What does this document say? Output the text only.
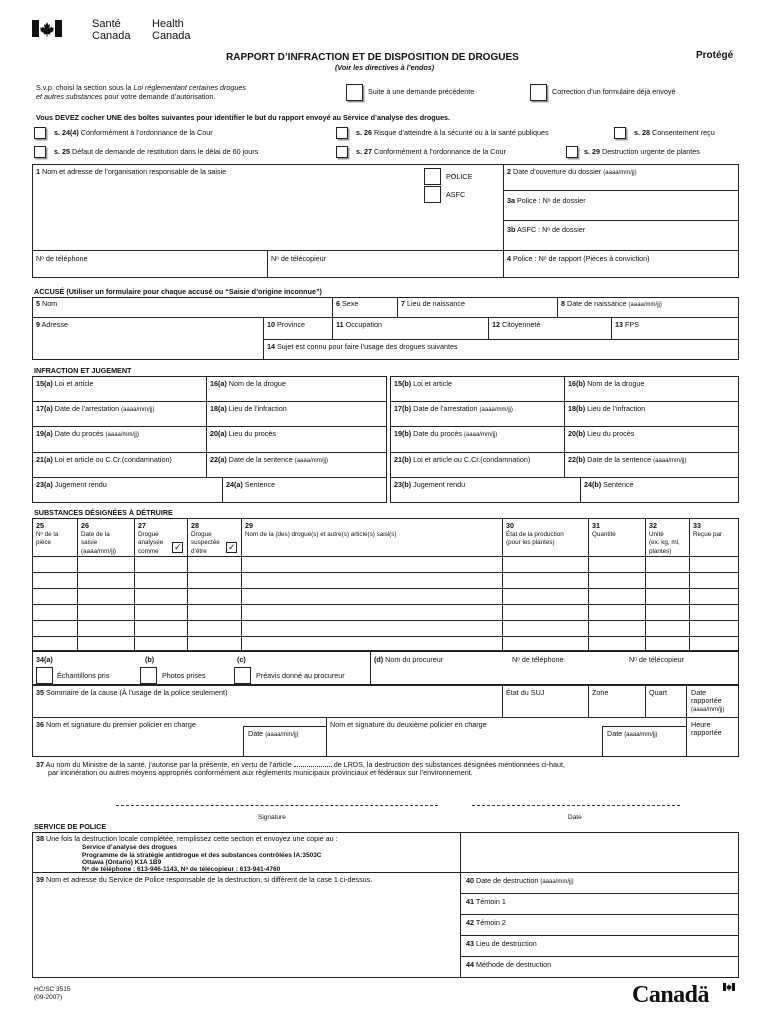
Santé
Canada
Health
Canada
RAPPORT D’INFRACTION ET DE DISPOSITION DE DROGUES
(Voir les directives à l’endos)
Protégé
S.v.p. choisi la section sous la Loi réglementant certaines drogues
et autres substances pour votre demande d’autorisation.
Suite à une demande précédente	Correction d’un formulaire déjà envoyé
Vous DEVEZ cocher UNE des boîtes suivantes pour identifier le but du rapport envoyé au Service d’analyse des drogues.
s. 24(4) Conformément à l’ordonnance de la Cour	s. 26 Risque d’atteindre à la sécurité ou à la santé publiques	s. 28 Consentement reçu
s. 25 Défaut de demande de restitution dans le délai de 60 jours	s. 27 Conformément à l’ordonnance de la Cour	s. 29 Destruction urgente de plantes
1 Nom et adresse de l’organisation responsable de la saisie
POLICE
ASFC
2 Date d’ouverture du dossier (aaaa/mm/jj)
3a Police : Nᵒ de dossier
3b ASFC : Nᵒ de dossier
Nᵒ de téléphone	Nᵒ de télécopieur	4 Police : Nᵒ de rapport (Pièces à conviction)
ACCUSÉ (Utiliser un formulaire pour chaque accusé ou “Saisie d’origine inconnue”)
5 Nom	6 Sexe	7 Lieu de naissance	8 Date de naissance (aaaa/mm/jj)
9 Adresse	10 Province	11 Occupation	12 Citoyenneté	13 FPS
14 Sujet est connu pour faire l’usage des drogues suivantes
INFRACTION ET JUGEMENT
15(a) Loi et article	16(a) Nom de la drogue
17(a) Date de l’arrestation (aaaa/mm/jj)	18(a) Lieu de l’infraction
19(a) Date du procès (aaaa/mm/jj)	20(a) Lieu du procès
21(a) Loi et article ou C.Cr.(condamnation)	22(a) Date de la sentence (aaaa/mm/jj)
23(a) Jugement rendu	24(a) Sentence
15(b) Loi et article	16(b) Nom de la drogue
17(b) Date de l’arrestation (aaaa/mm/jj)	18(b) Lieu de l’infraction
19(b) Date du procès (aaaa/mm/jj)	20(b) Lieu du procès
21(b) Loi et article ou C.Cr.(condamnation)	22(b) Date de la sentence (aaaa/mm/jj)
23(b) Jugement rendu	24(b) Sentence
SUBSTANCES DÉSIGNÉES À DÉTRUIRE
25
Nᵒ de la
pièce
26
Date de la
saisie
(aaaa/mm/jj)
27
Drogue
analysée
comme	✓
28
Drogue
suspectée
d’être	✓
29
Nom de la (des) drogue(s) et autre(s) article(s) saisi(s)
30
État de la production
(pour les plantes)
31
Quantité
32
Unité
(ex. kg, ml,
plantes)
33
Reçue par
34(a)	(b)	(c)
Échantillons pris	Photos prises	Préavis donné au procureur
(d) Nom du procureur	Nᵒ de téléphone	Nᵒ de télécopieur
35 Sommaire de la cause (À l’usage de la police seulement)	État du SUJ	Zone	Quart	Date
rapportée
(aaaa/mm/jj)
36 Nom et signature du premier policier en charge
Date (aaaa/mm/jj)
Nom et signature du deuxième policier en charge
Date (aaaa/mm/jj)
Heure
rapportée
37 Au nom du Ministre de la santé, j’autorise par la présente, en vertu de l’article	de LRDS, la destruction des substances désignées mentionnées ci-haut,
par incinération ou autres moyens appropriés conformément aux règlements municipaux provinciaux et fédéraux sur l’environnement.
Signature	Date
SERVICE DE POLICE
38 Une fois la destruction locale complétée, remplissez cette section et envoyez une copie au :
Service d’analyse des drogues
Programme de la stratégie antidrogue et des substances contrôlées IA:3503C
Ottawa (Ontario) K1A 1B9
Nᵒ de téléphone : 613-946-1143, Nᵒ de télécopieur : 613-941-4760
39 Nom et adresse du Service de Police responsable de la destruction, si différent de la case 1 ci-dessus.	40 Date de destruction (aaaa/mm/jj)
41 Témoin 1
42 Témoin 2
43 Lieu de destruction
44 Méthode de destruction
HC/SC 3515
(09-2007)	Canadä
